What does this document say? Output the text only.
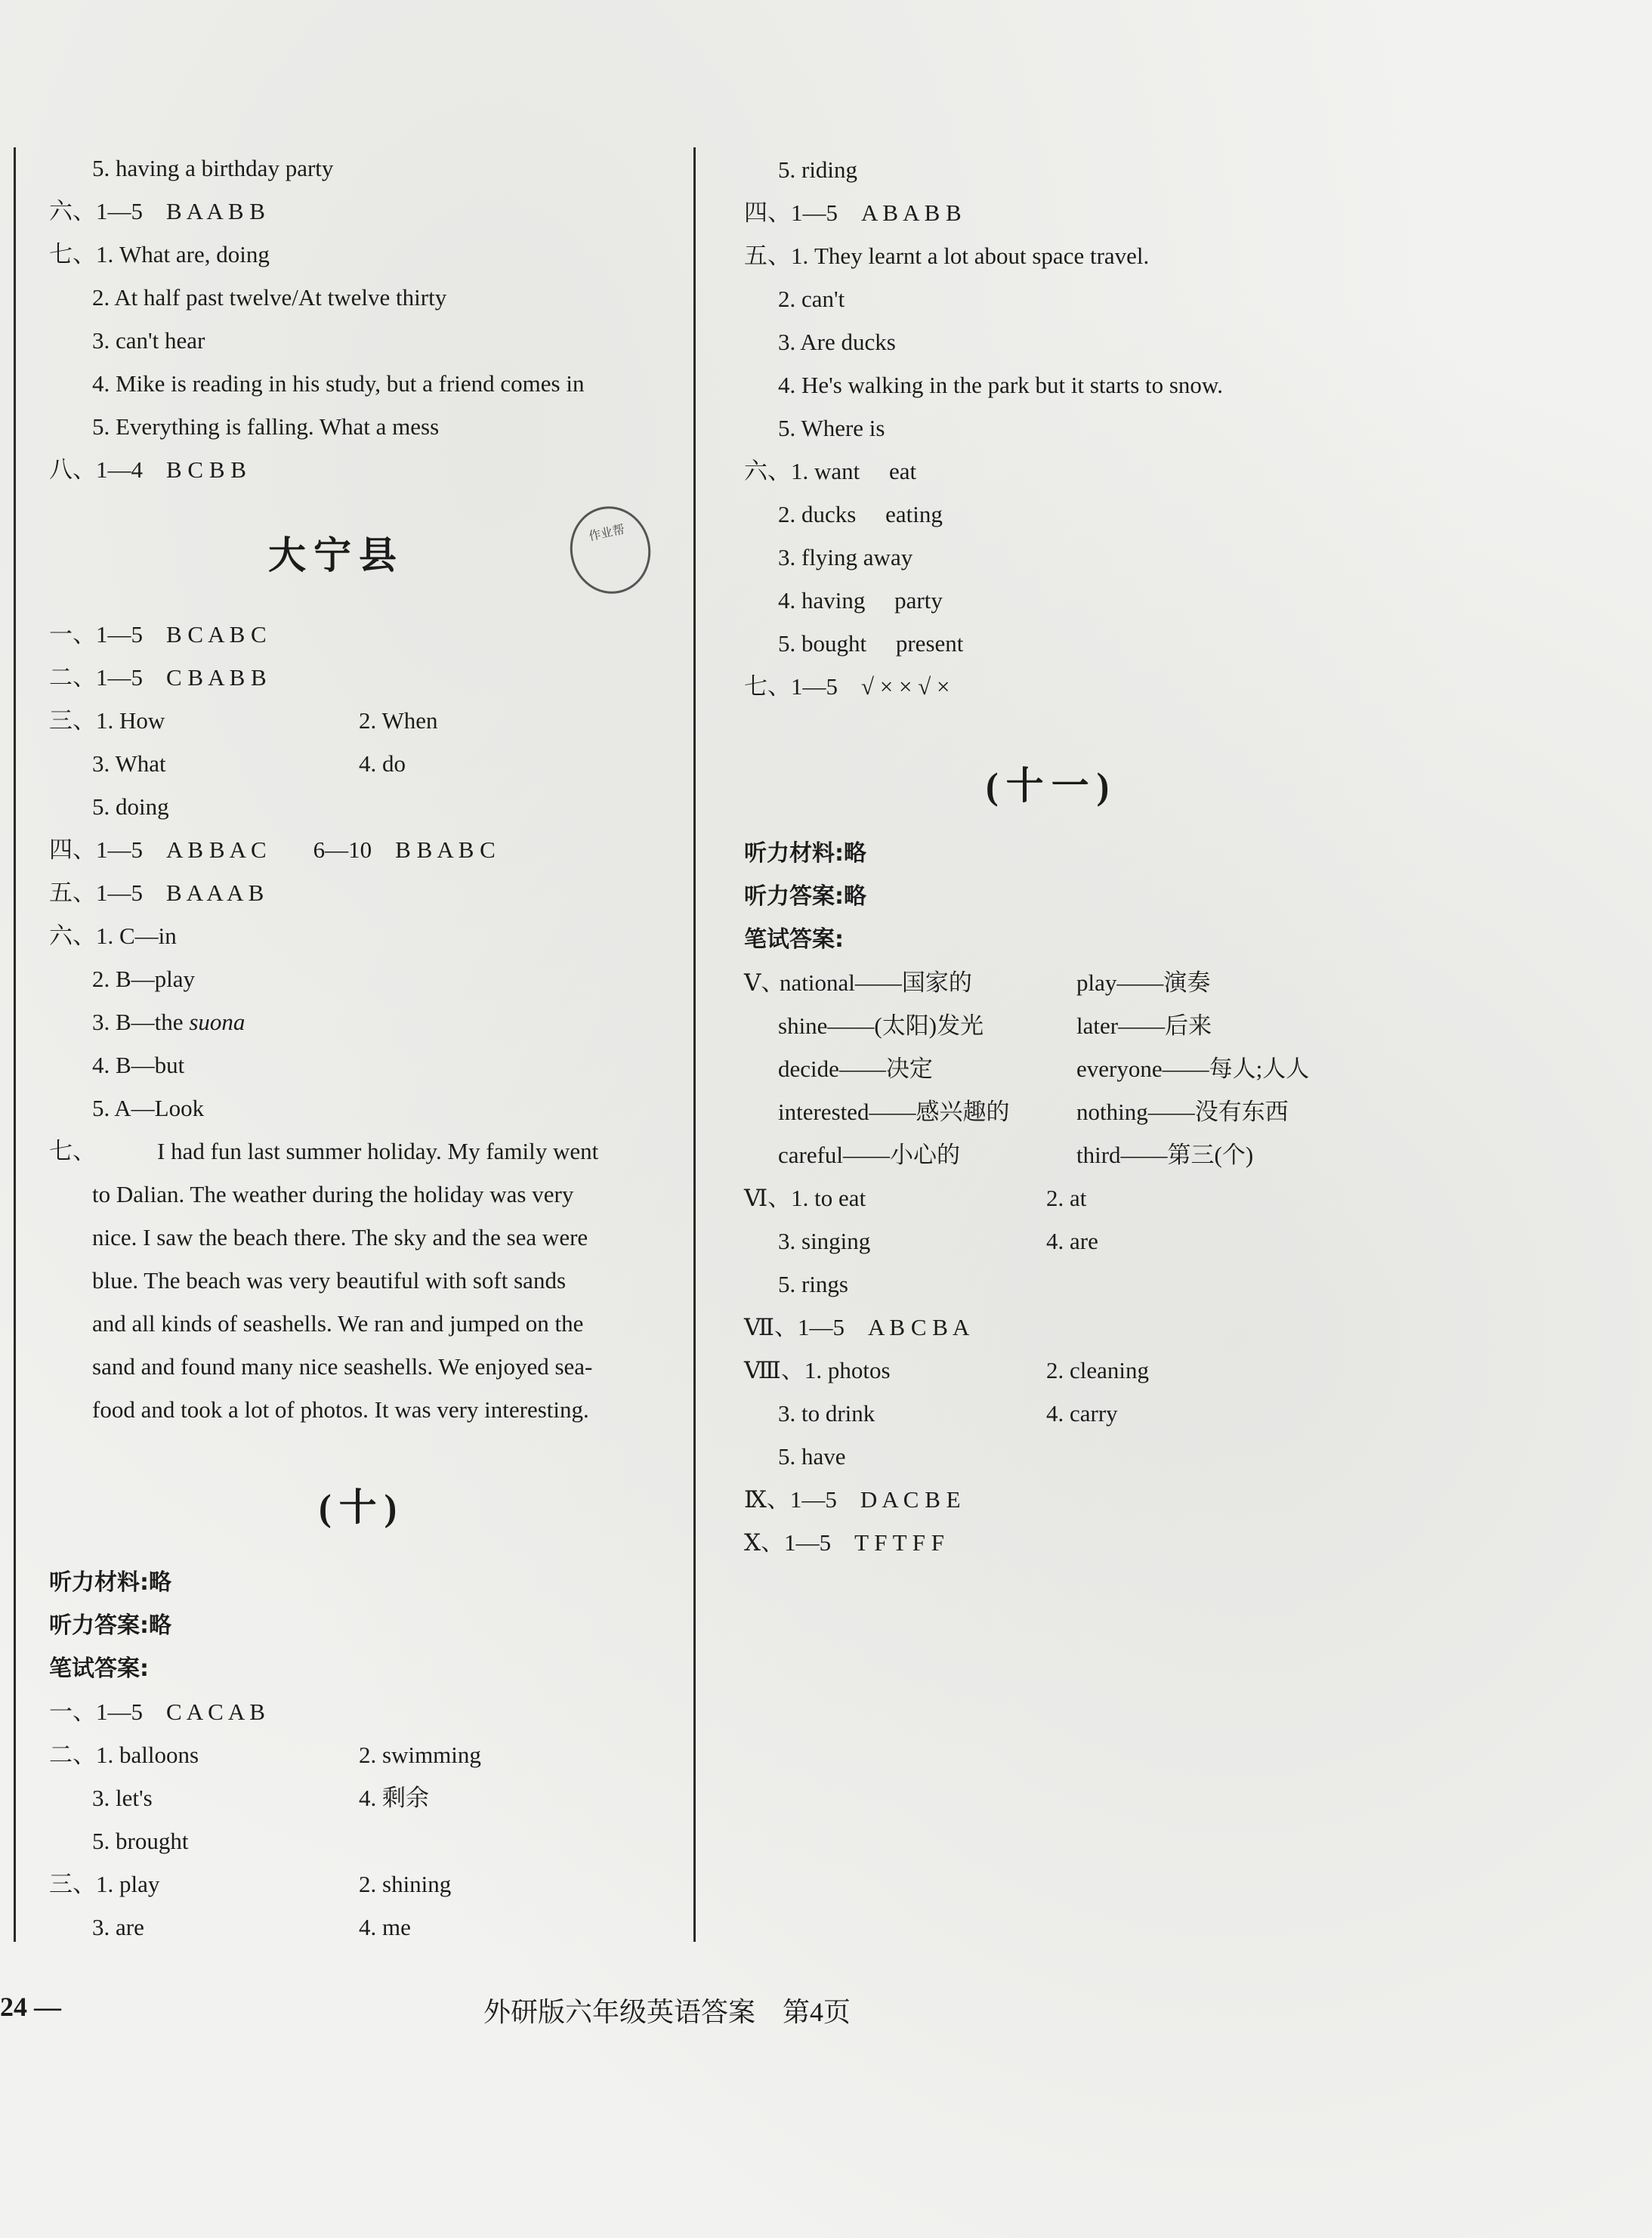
5. having a birthday party
六、1—5　B A A B B
七、1. What are, doing
2. At half past twelve/At twelve thirty
3. can't hear
4. Mike is reading in his study, but a friend comes in
5. Everything is falling. What a mess
八、1—4　B C B B
大宁县
一、1—5　B C A B C
二、1—5　C B A B B
三、1. How	2. When
3. What	4. do
5. doing
四、1—5　A B B A C　　6—10　B B A B C
五、1—5　B A A A B
六、1. C—in
2. B—play
3. B—the suona
4. B—but
5. A—Look
七、	I had fun last summer holiday. My family went
to Dalian. The weather during the holiday was very
nice. I saw the beach there. The sky and the sea were
blue. The beach was very beautiful with soft sands
and all kinds of seashells. We ran and jumped on the
sand and found many nice seashells. We enjoyed sea-
food and took a lot of photos. It was very interesting.
(十)
听力材料:略
听力答案:略
笔试答案:
一、1—5　C A C A B
二、1. balloons	2. swimming
3. let's	4. 剩余
5. brought
三、1. play	2. shining
3. are	4. me
5. riding
四、1—5　A B A B B
五、1. They learnt a lot about space travel.
2. can't
3. Are ducks
4. He's walking in the park but it starts to snow.
5. Where is
六、1. want　 eat
2. ducks　 eating
3. flying away
4. having　 party
5. bought　 present
七、1—5　√ × × √ ×
(十一)
听力材料:略
听力答案:略
笔试答案:
Ⅴ、
national——国家的	play——演奏
shine——(太阳)发光	later——后来
decide——决定	everyone——每人;人人
interested——感兴趣的	nothing——没有东西
careful——小心的	third——第三(个)
Ⅵ、1. to eat	2. at
3. singing	4. are
5. rings
Ⅶ、1—5　A B C B A
Ⅷ、1. photos	2. cleaning
3. to drink	4. carry
5. have
Ⅸ、1—5　D A C B E
Ⅹ、1—5　T F T F F
作业帮
24 —	外研版六年级英语答案　第4页
